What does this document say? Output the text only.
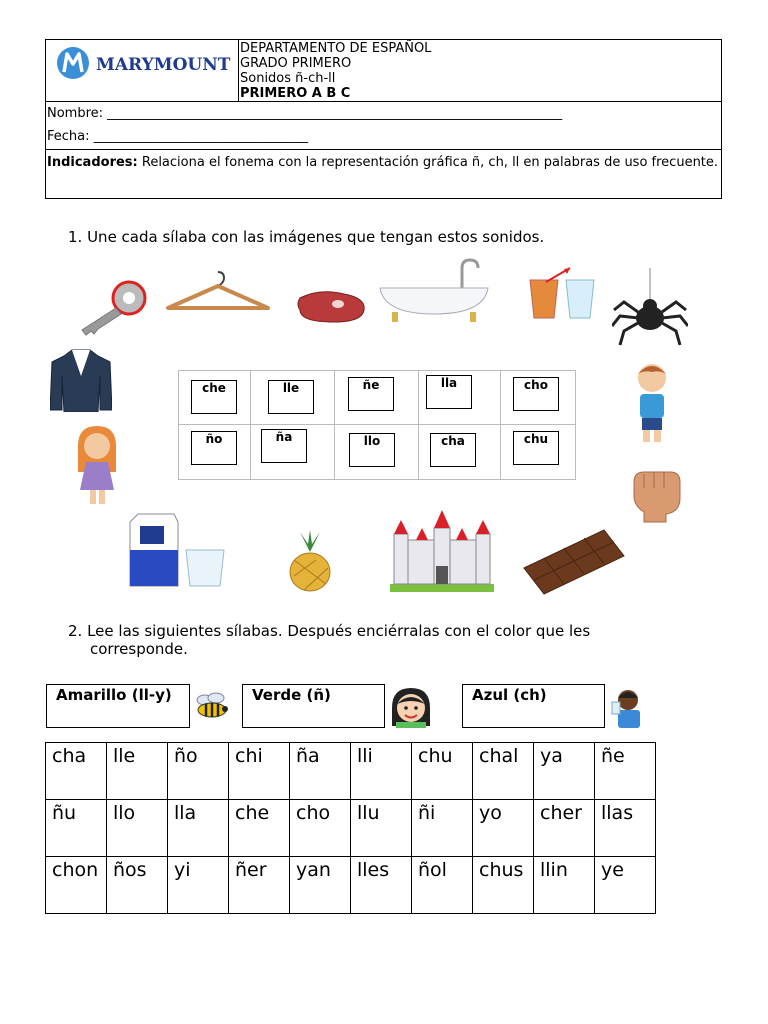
MARYMOUNT
DEPARTAMENTO DE ESPAÑOL
GRADO PRIMERO
Sonidos ñ-ch-ll
PRIMERO A B C
Nombre: ______________________________________________________________________
Fecha: _________________________________
Indicadores: Relaciona el fonema con la representación gráfica ñ, ch, ll en palabras de uso frecuente.
1. Une cada sílaba con las imágenes que tengan estos sonidos.
che	lle	ñe	lla	cho
ño	ña	llo	cha	chu
2. Lee las siguientes sílabas. Después enciérralas con el color que les
corresponde.
Amarillo (ll-y)	Verde (ñ)	Azul (ch)
cha	lle	ño	chi	ña	lli	chu	chal	ya	ñe
ñu	llo	lla	che	cho	llu	ñi	yo	cher	llas
chon	ños	yi	ñer	yan	lles	ñol	chus	llin	ye
